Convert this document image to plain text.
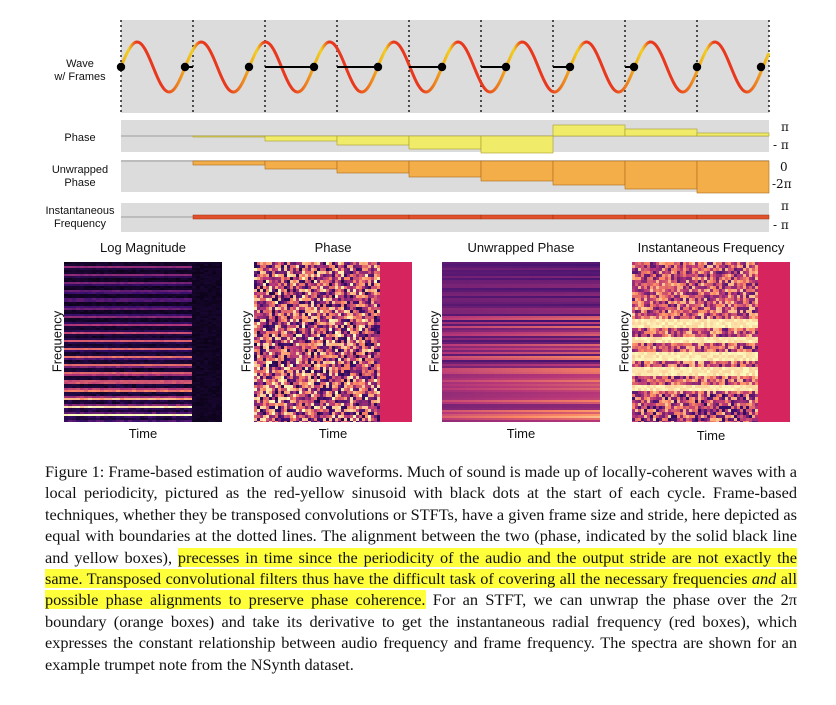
Wave
w/ Frames
Phase
Unwrapped
Phase
Instantaneous
Frequency
π
- π
0
-2π
π
- π
Log Magnitude	Phase	Unwrapped Phase	Instantaneous Frequency
Frequency	Frequency	Frequency	Frequency
Time	Time	Time	Time
Figure 1: Frame-based estimation of audio waveforms. Much of sound is made up of locally-coherent waves with a local periodicity, pictured as the red-yellow sinusoid with black dots at the start of each cycle. Frame-based techniques, whether they be transposed convolutions or STFTs, have a given frame size and stride, here depicted as equal with boundaries at the dotted lines. The alignment between the two (phase, indicated by the solid black line and yellow boxes), precesses in time since the periodicity of the audio and the output stride are not exactly the same. Transposed convolutional filters thus have the difficult task of covering all the necessary frequencies and all possible phase alignments to preserve phase coherence. For an STFT, we can unwrap the phase over the 2π boundary (orange boxes) and take its derivative to get the instantaneous radial frequency (red boxes), which expresses the constant relationship between audio frequency and frame frequency. The spectra are shown for an example trumpet note from the NSynth dataset.
